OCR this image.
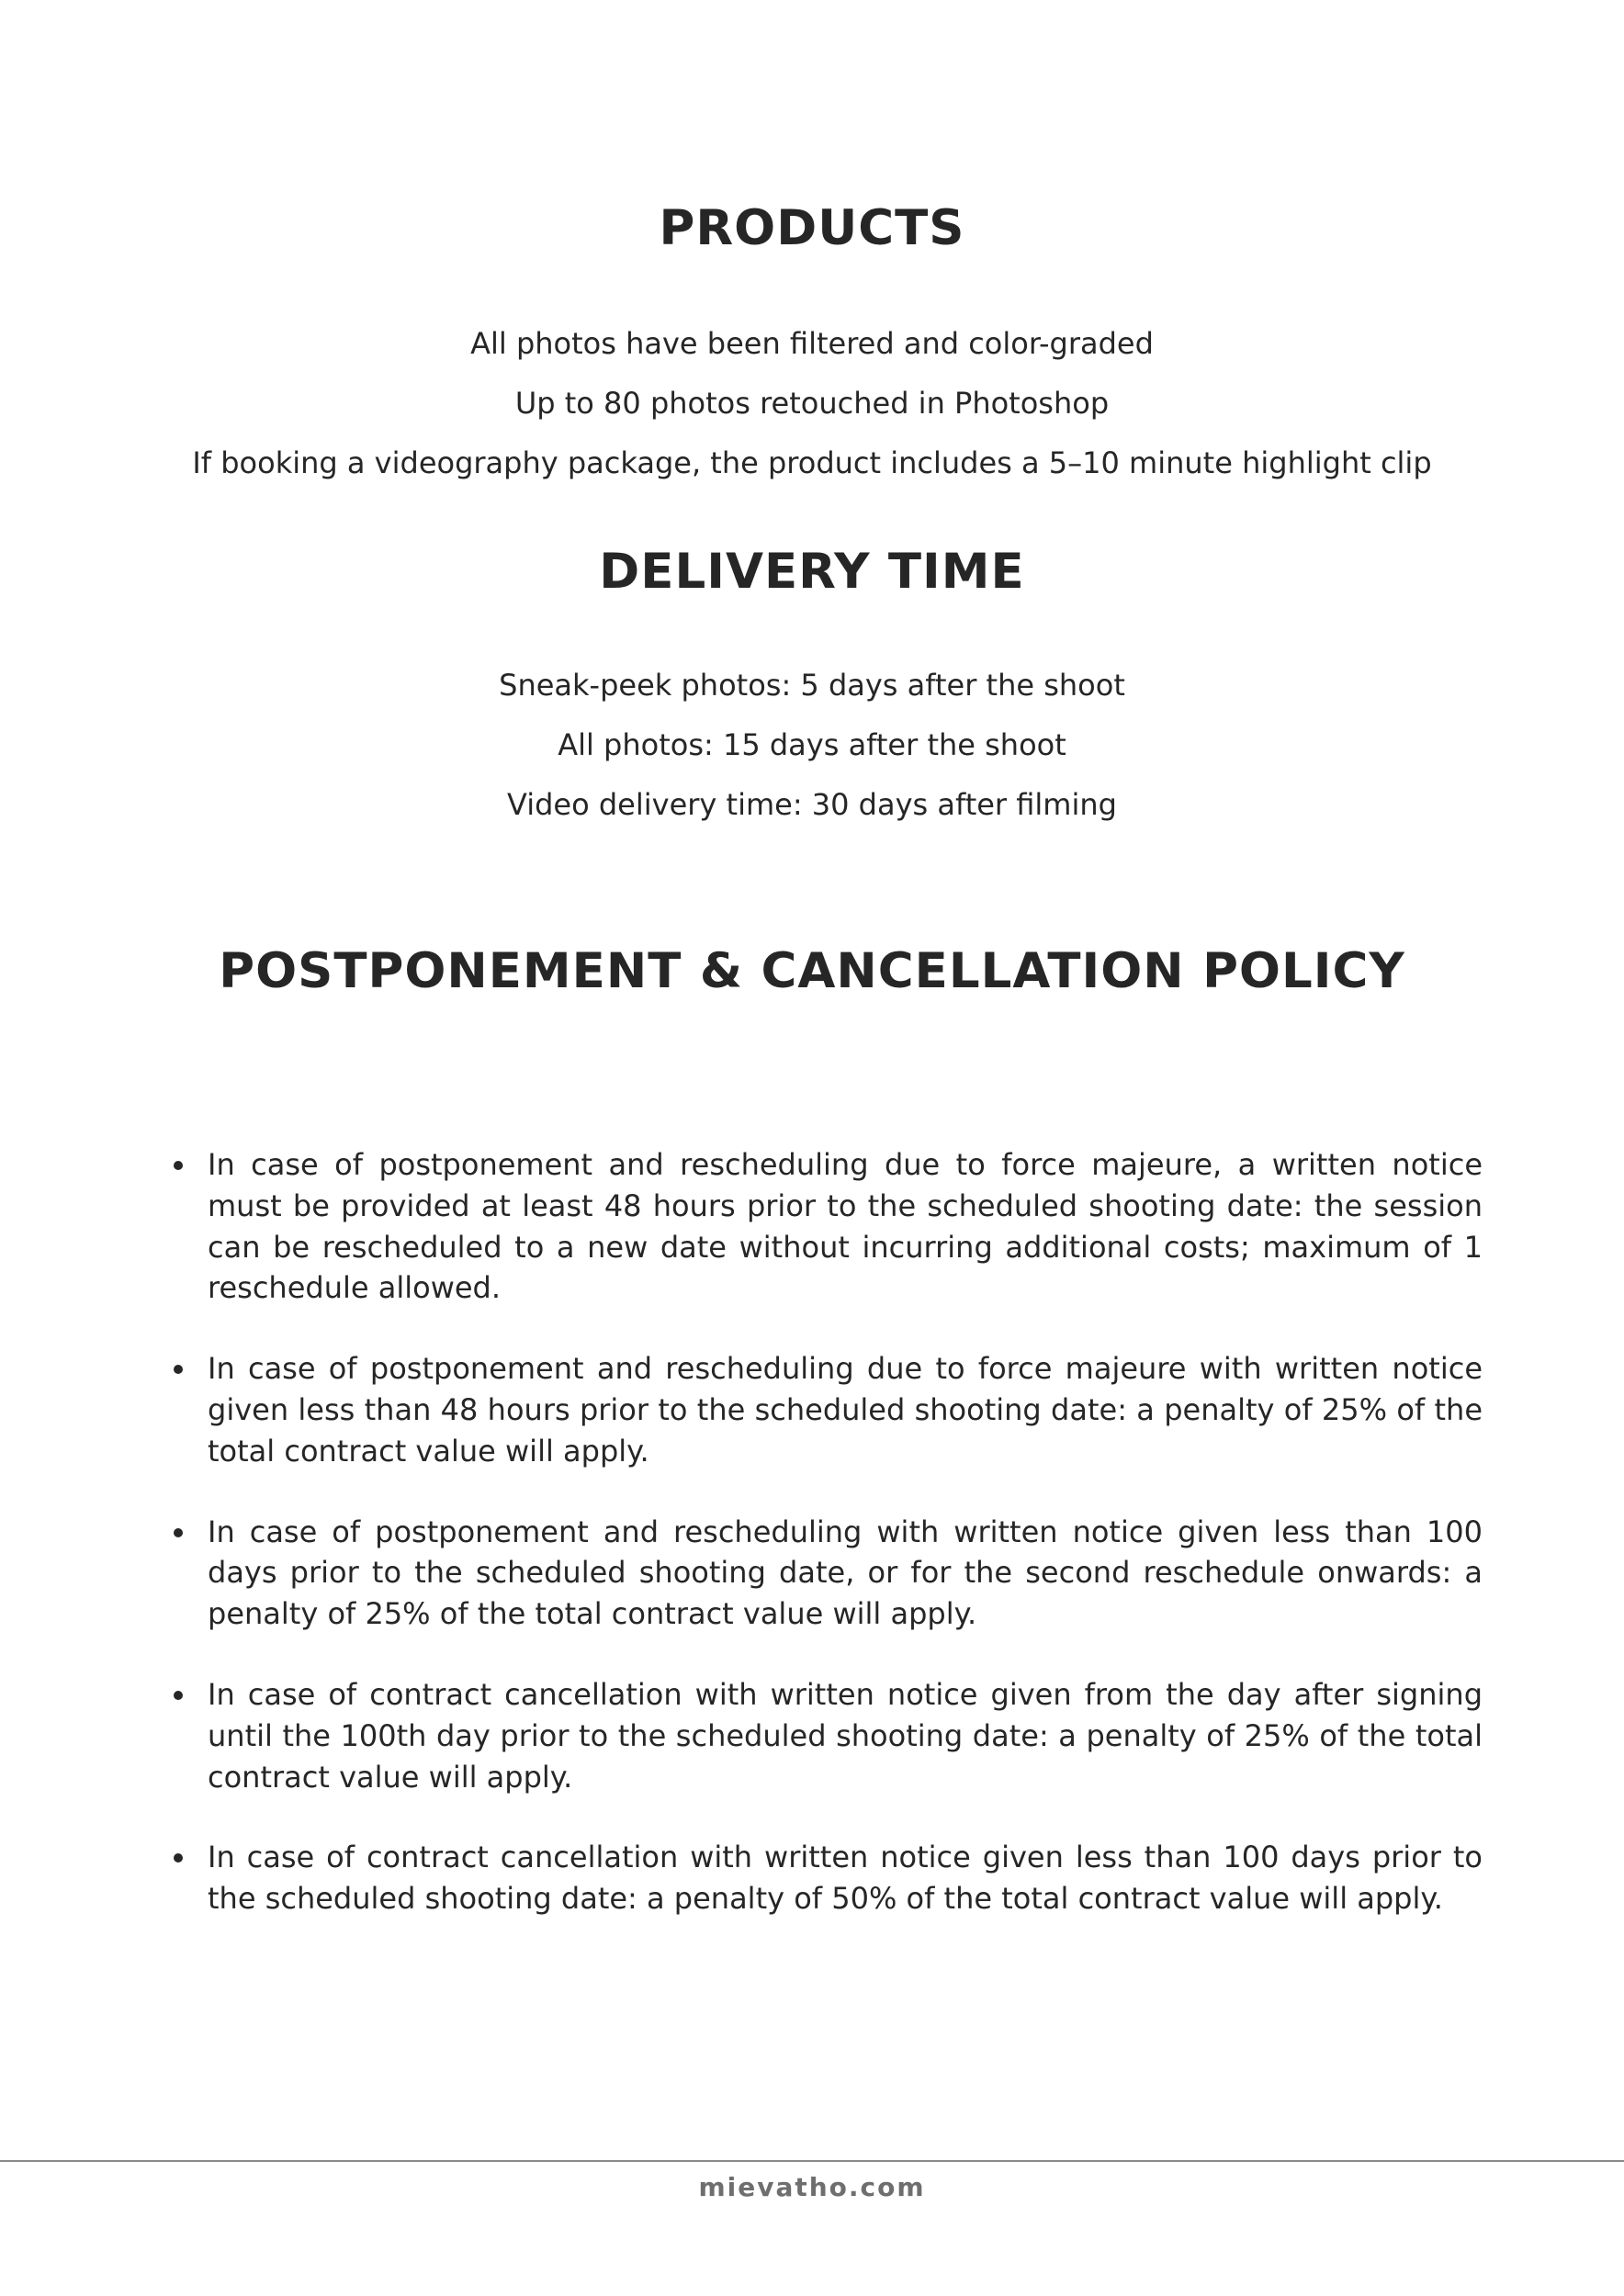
PRODUCTS
All photos have been filtered and color-graded
Up to 80 photos retouched in Photoshop
If booking a videography package, the product includes a 5–10 minute highlight clip
DELIVERY TIME
Sneak-peek photos: 5 days after the shoot
All photos: 15 days after the shoot
Video delivery time: 30 days after filming
POSTPONEMENT & CANCELLATION POLICY
In case of postponement and rescheduling due to force majeure, a written notice must be provided at least 48 hours prior to the scheduled shooting date: the session can be rescheduled to a new date without incurring additional costs; maximum of 1 reschedule allowed.
In case of postponement and rescheduling due to force majeure with written notice given less than 48 hours prior to the scheduled shooting date: a penalty of 25% of the total contract value will apply.
In case of postponement and rescheduling with written notice given less than 100 days prior to the scheduled shooting date, or for the second reschedule onwards: a penalty of 25% of the total contract value will apply.
In case of contract cancellation with written notice given from the day after signing until the 100th day prior to the scheduled shooting date: a penalty of 25% of the total contract value will apply.
In case of contract cancellation with written notice given less than 100 days prior to the scheduled shooting date: a penalty of 50% of the total contract value will apply.
mievatho.com
